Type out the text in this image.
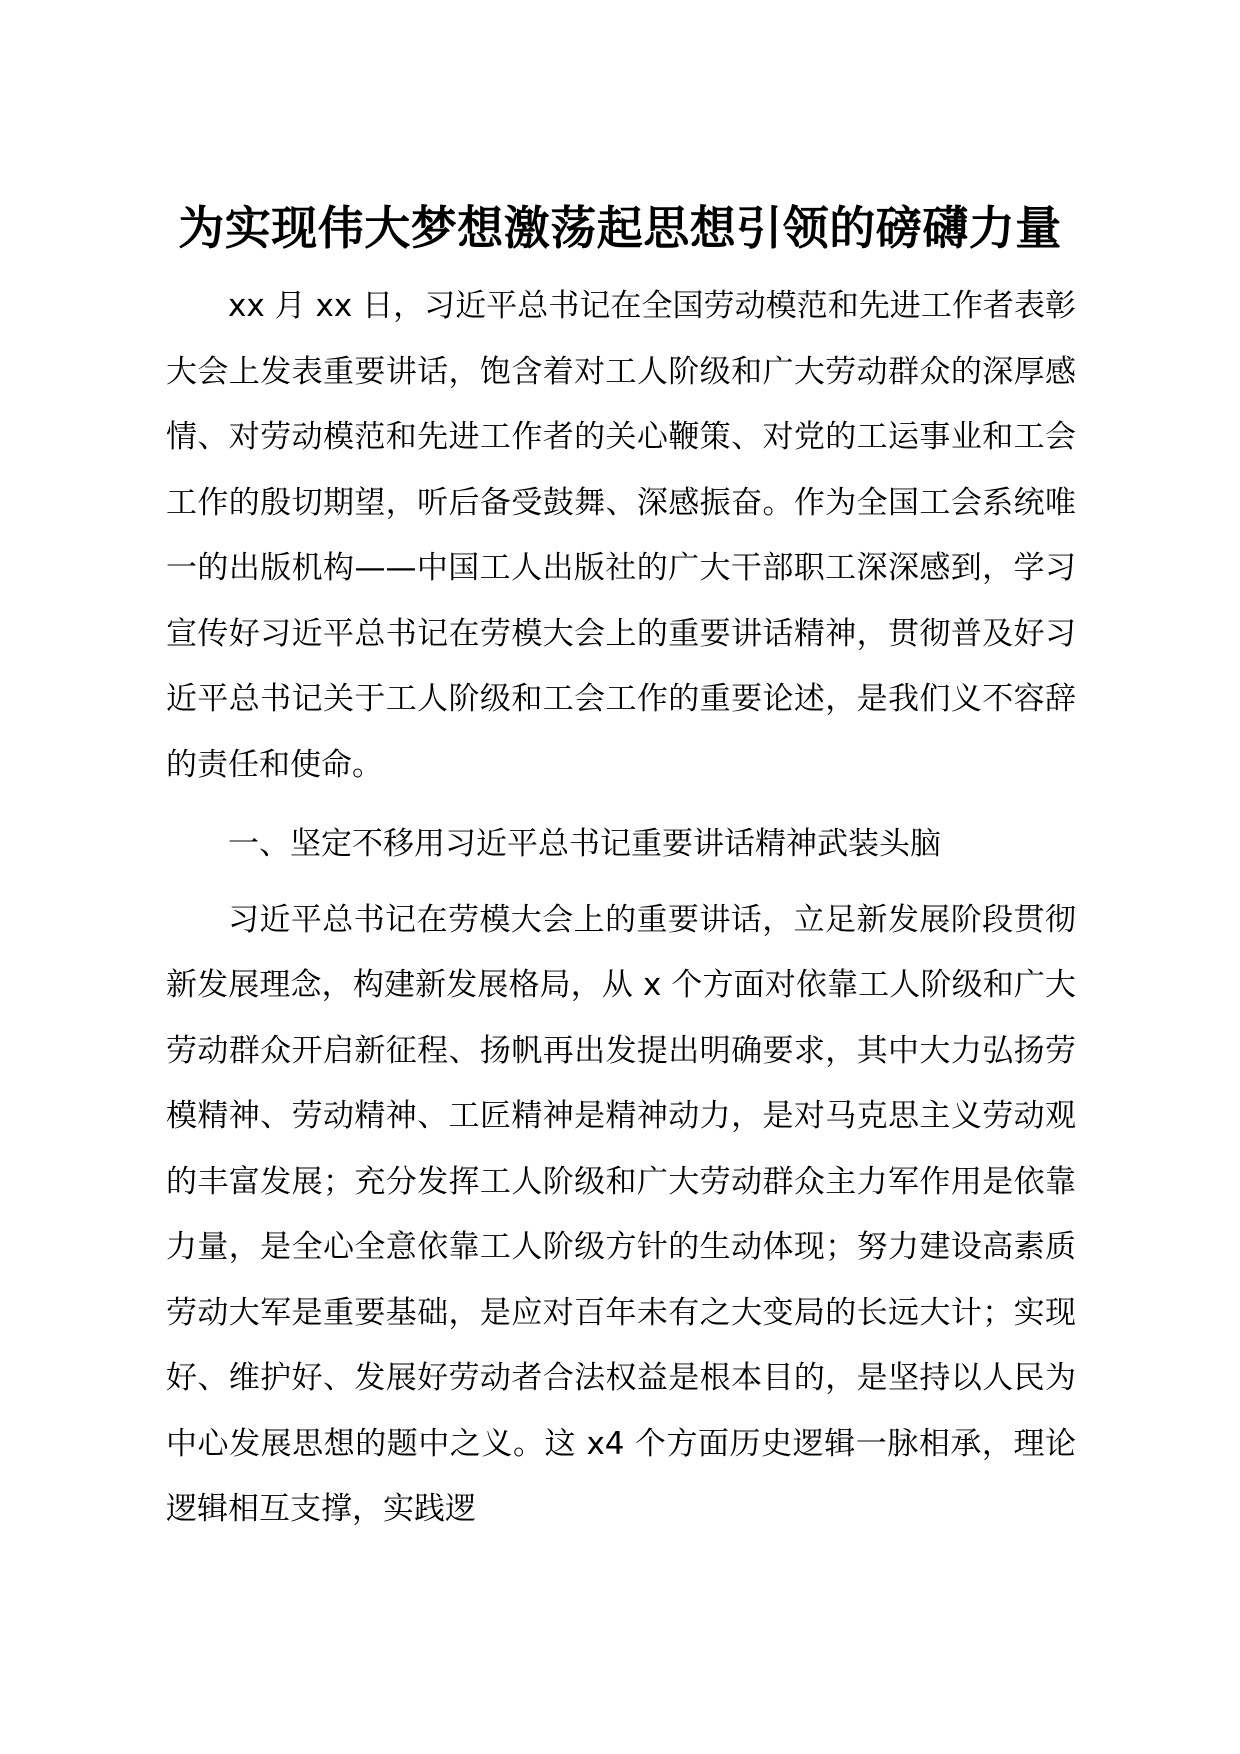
为实现伟大梦想激荡起思想引领的磅礴力量

xx 月 xx 日，习近平总书记在全国劳动模范和先进工作者表彰大会上发表重要讲话，饱含着对工人阶级和广大劳动群众的深厚感情、对劳动模范和先进工作者的关心鞭策、对党的工运事业和工会工作的殷切期望，听后备受鼓舞、深感振奋。作为全国工会系统唯一的出版机构——中国工人出版社的广大干部职工深深感到，学习宣传好习近平总书记在劳模大会上的重要讲话精神，贯彻普及好习近平总书记关于工人阶级和工会工作的重要论述，是我们义不容辞的责任和使命。

一、坚定不移用习近平总书记重要讲话精神武装头脑

习近平总书记在劳模大会上的重要讲话，立足新发展阶段贯彻新发展理念，构建新发展格局，从 x 个方面对依靠工人阶级和广大劳动群众开启新征程、扬帆再出发提出明确要求，其中大力弘扬劳模精神、劳动精神、工匠精神是精神动力，是对马克思主义劳动观的丰富发展；充分发挥工人阶级和广大劳动群众主力军作用是依靠力量，是全心全意依靠工人阶级方针的生动体现；努力建设高素质劳动大军是重要基础，是应对百年未有之大变局的长远大计；实现好、维护好、发展好劳动者合法权益是根本目的，是坚持以人民为中心发展思想的题中之义。这 x4 个方面历史逻辑一脉相承，理论逻辑相互支撑，实践逻
